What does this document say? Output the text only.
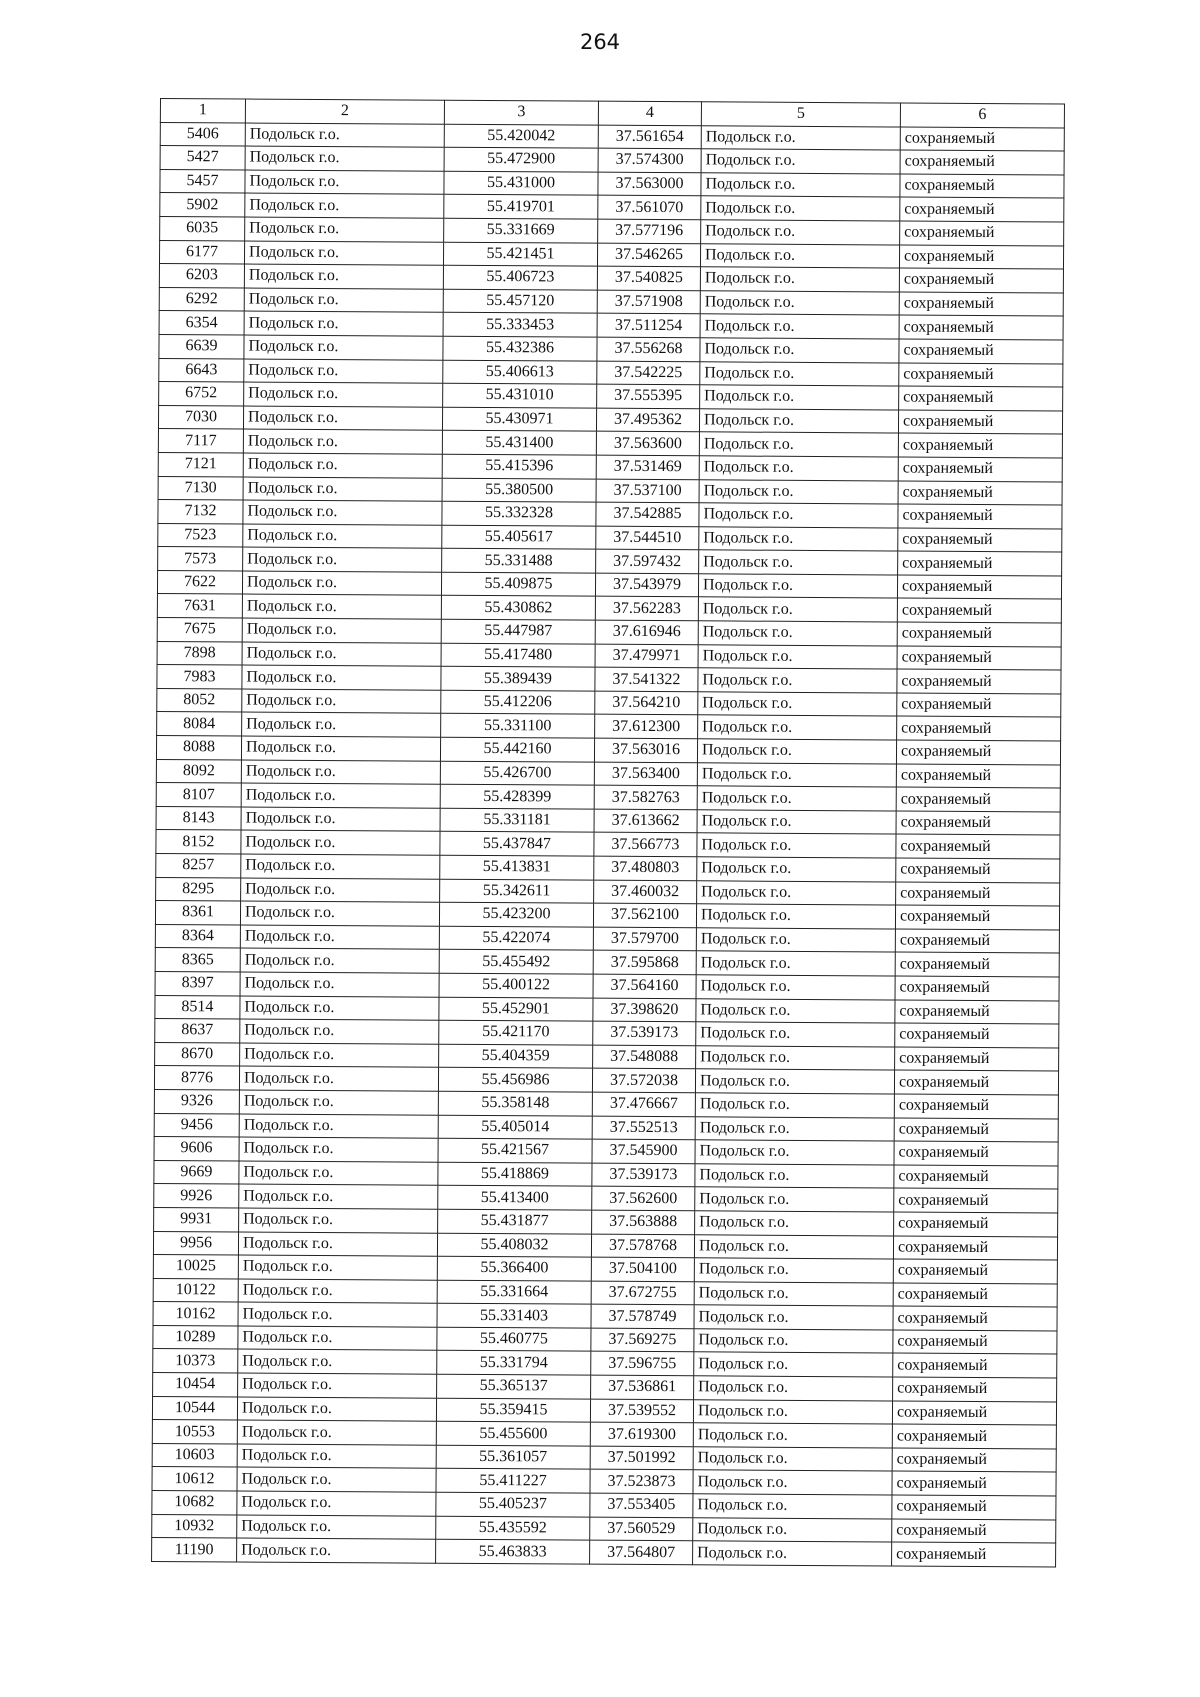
264
1	2	3	4	5	6
5406	Подольск г.о.	55.420042	37.561654	Подольск г.о.	сохраняемый
5427	Подольск г.о.	55.472900	37.574300	Подольск г.о.	сохраняемый
5457	Подольск г.о.	55.431000	37.563000	Подольск г.о.	сохраняемый
5902	Подольск г.о.	55.419701	37.561070	Подольск г.о.	сохраняемый
6035	Подольск г.о.	55.331669	37.577196	Подольск г.о.	сохраняемый
6177	Подольск г.о.	55.421451	37.546265	Подольск г.о.	сохраняемый
6203	Подольск г.о.	55.406723	37.540825	Подольск г.о.	сохраняемый
6292	Подольск г.о.	55.457120	37.571908	Подольск г.о.	сохраняемый
6354	Подольск г.о.	55.333453	37.511254	Подольск г.о.	сохраняемый
6639	Подольск г.о.	55.432386	37.556268	Подольск г.о.	сохраняемый
6643	Подольск г.о.	55.406613	37.542225	Подольск г.о.	сохраняемый
6752	Подольск г.о.	55.431010	37.555395	Подольск г.о.	сохраняемый
7030	Подольск г.о.	55.430971	37.495362	Подольск г.о.	сохраняемый
7117	Подольск г.о.	55.431400	37.563600	Подольск г.о.	сохраняемый
7121	Подольск г.о.	55.415396	37.531469	Подольск г.о.	сохраняемый
7130	Подольск г.о.	55.380500	37.537100	Подольск г.о.	сохраняемый
7132	Подольск г.о.	55.332328	37.542885	Подольск г.о.	сохраняемый
7523	Подольск г.о.	55.405617	37.544510	Подольск г.о.	сохраняемый
7573	Подольск г.о.	55.331488	37.597432	Подольск г.о.	сохраняемый
7622	Подольск г.о.	55.409875	37.543979	Подольск г.о.	сохраняемый
7631	Подольск г.о.	55.430862	37.562283	Подольск г.о.	сохраняемый
7675	Подольск г.о.	55.447987	37.616946	Подольск г.о.	сохраняемый
7898	Подольск г.о.	55.417480	37.479971	Подольск г.о.	сохраняемый
7983	Подольск г.о.	55.389439	37.541322	Подольск г.о.	сохраняемый
8052	Подольск г.о.	55.412206	37.564210	Подольск г.о.	сохраняемый
8084	Подольск г.о.	55.331100	37.612300	Подольск г.о.	сохраняемый
8088	Подольск г.о.	55.442160	37.563016	Подольск г.о.	сохраняемый
8092	Подольск г.о.	55.426700	37.563400	Подольск г.о.	сохраняемый
8107	Подольск г.о.	55.428399	37.582763	Подольск г.о.	сохраняемый
8143	Подольск г.о.	55.331181	37.613662	Подольск г.о.	сохраняемый
8152	Подольск г.о.	55.437847	37.566773	Подольск г.о.	сохраняемый
8257	Подольск г.о.	55.413831	37.480803	Подольск г.о.	сохраняемый
8295	Подольск г.о.	55.342611	37.460032	Подольск г.о.	сохраняемый
8361	Подольск г.о.	55.423200	37.562100	Подольск г.о.	сохраняемый
8364	Подольск г.о.	55.422074	37.579700	Подольск г.о.	сохраняемый
8365	Подольск г.о.	55.455492	37.595868	Подольск г.о.	сохраняемый
8397	Подольск г.о.	55.400122	37.564160	Подольск г.о.	сохраняемый
8514	Подольск г.о.	55.452901	37.398620	Подольск г.о.	сохраняемый
8637	Подольск г.о.	55.421170	37.539173	Подольск г.о.	сохраняемый
8670	Подольск г.о.	55.404359	37.548088	Подольск г.о.	сохраняемый
8776	Подольск г.о.	55.456986	37.572038	Подольск г.о.	сохраняемый
9326	Подольск г.о.	55.358148	37.476667	Подольск г.о.	сохраняемый
9456	Подольск г.о.	55.405014	37.552513	Подольск г.о.	сохраняемый
9606	Подольск г.о.	55.421567	37.545900	Подольск г.о.	сохраняемый
9669	Подольск г.о.	55.418869	37.539173	Подольск г.о.	сохраняемый
9926	Подольск г.о.	55.413400	37.562600	Подольск г.о.	сохраняемый
9931	Подольск г.о.	55.431877	37.563888	Подольск г.о.	сохраняемый
9956	Подольск г.о.	55.408032	37.578768	Подольск г.о.	сохраняемый
10025	Подольск г.о.	55.366400	37.504100	Подольск г.о.	сохраняемый
10122	Подольск г.о.	55.331664	37.672755	Подольск г.о.	сохраняемый
10162	Подольск г.о.	55.331403	37.578749	Подольск г.о.	сохраняемый
10289	Подольск г.о.	55.460775	37.569275	Подольск г.о.	сохраняемый
10373	Подольск г.о.	55.331794	37.596755	Подольск г.о.	сохраняемый
10454	Подольск г.о.	55.365137	37.536861	Подольск г.о.	сохраняемый
10544	Подольск г.о.	55.359415	37.539552	Подольск г.о.	сохраняемый
10553	Подольск г.о.	55.455600	37.619300	Подольск г.о.	сохраняемый
10603	Подольск г.о.	55.361057	37.501992	Подольск г.о.	сохраняемый
10612	Подольск г.о.	55.411227	37.523873	Подольск г.о.	сохраняемый
10682	Подольск г.о.	55.405237	37.553405	Подольск г.о.	сохраняемый
10932	Подольск г.о.	55.435592	37.560529	Подольск г.о.	сохраняемый
11190	Подольск г.о.	55.463833	37.564807	Подольск г.о.	сохраняемый
